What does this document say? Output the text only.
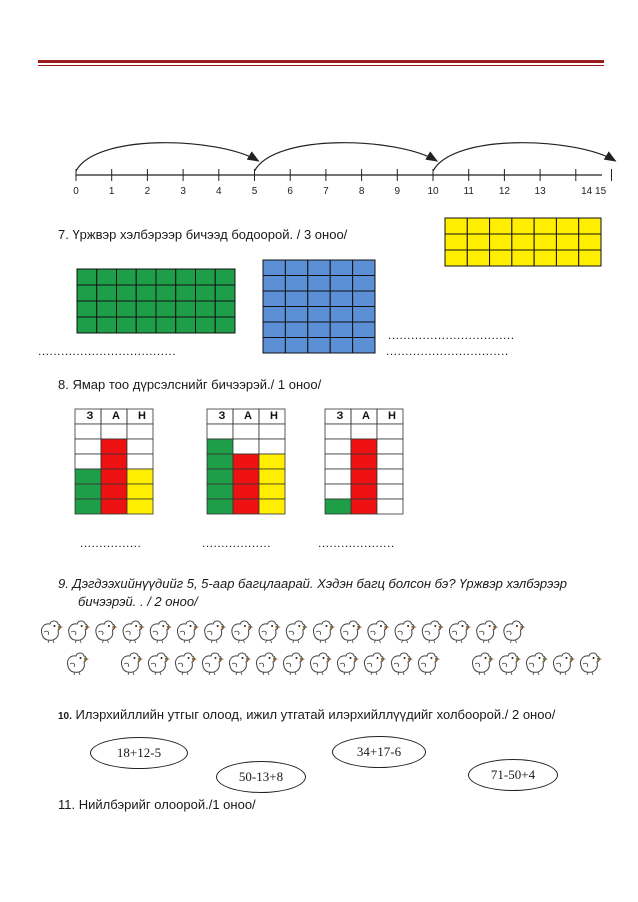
0	1	2	3	4	5	6	7	8	9	10 11 12 13	14 15
7. Үржвэр хэлбэрээр бичээд бодоорой. / 3 оноо/
....................................
.................................
................................
8. Ямар тоо дүрсэлснийг бичээрэй./ 1 оноо/
З А Н	З А Н	З А Н
................	..................	....................
9. Дэгдээхийнүүдийг 5, 5-аар багцлаарай. Хэдэн багц болсон бэ? Үржвэр хэлбэрээр
бичээрэй. . / 2 оноо/
10. Илэрхийллийн утгыг олоод, ижил утгатай илэрхийллүүдийг холбоорой./ 2 оноо/
18+12-5	34+17-6
50-13+8	71-50+4
11. Нийлбэрийг олоорой./1 оноо/
